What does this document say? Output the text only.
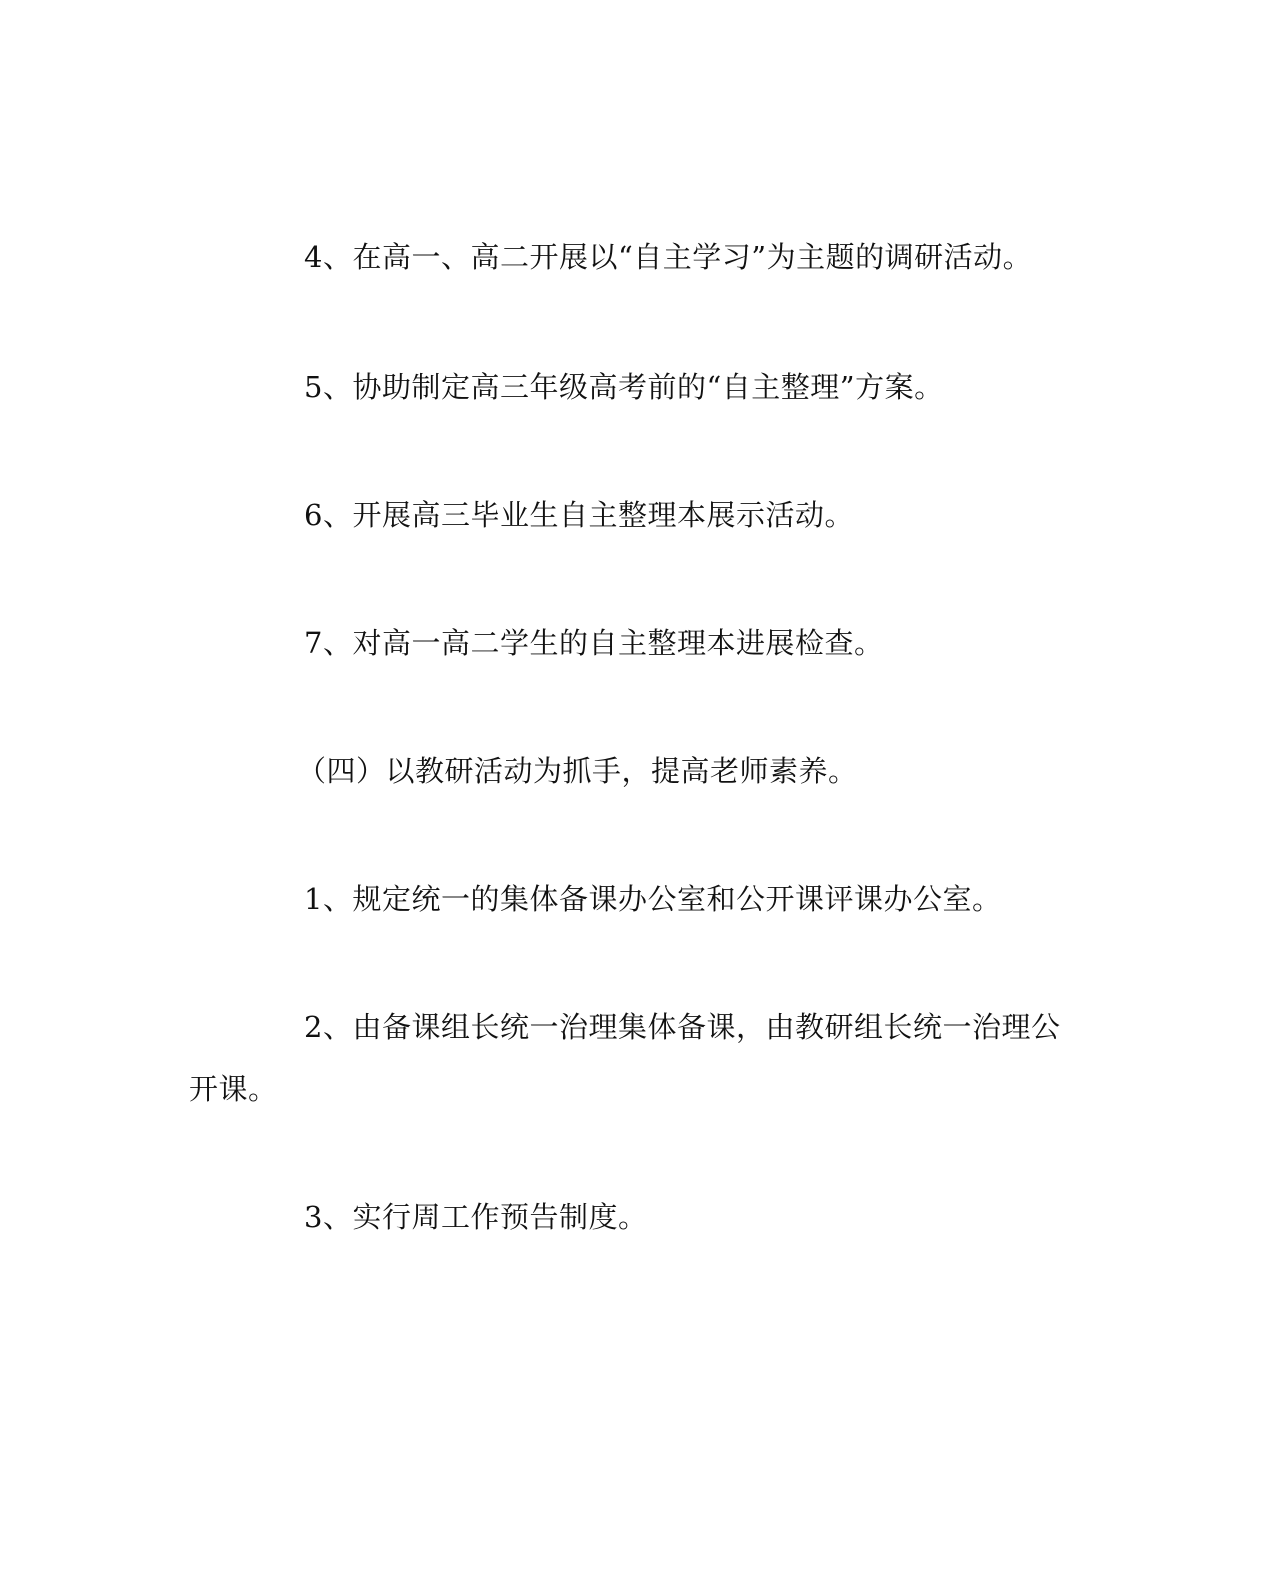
4、在高一、高二开展以“自主学习”为主题的调研活动。

5、协助制定高三年级高考前的“自主整理”方案。

6、开展高三毕业生自主整理本展示活动。

7、对高一高二学生的自主整理本进展检查。

（四）以教研活动为抓手，提高老师素养。

1、规定统一的集体备课办公室和公开课评课办公室。

2、由备课组长统一治理集体备课，由教研组长统一治理公开课。

3、实行周工作预告制度。
